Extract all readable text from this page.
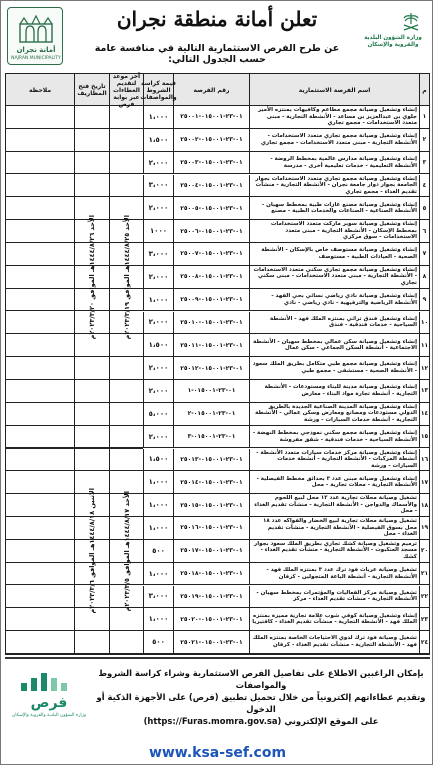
وزارة الشؤون البلدية
والقروية والإسكان
تعلن أمانة منطقة نجران
عن طرح الفرص الاستثمارية التالية في منافسة عامة حسب الجدول التالي:
أمانة نجران
NAJRAN MUNICIPALITY
م
اسم الفرصة الاستثمارية
رقم الفرصة
قيمة كراسة الشروط والمواصفات
آخر موعد لتقديم العطاءات عبر بوابة فرص
تاريخ فتح المظاريف
ملاحظة
١
إنشاء وتشغيل وصيانة مجمع مطاعم وكافيهات بمنتزه الأمير جلوي بن عبدالعزيز بن مساعد - الأنشطة التجارية - مبنى متعدد الاستخدامات - مجمع تجاري
٠١-٢٣-٠١٥٠٠١-٢٥٠٠١
١،٠٠٠
٢
إنشاء وتشغيل وصيانة مجمع تجاري متعدد الاستخدامات - الأنشطة التجارية - مبنى متعدد الاستخدامات - مجمع تجاري
٠١-٢٣-٠١٥٠٠١-٢٥٠٠٢
١،٥٠٠
٣
إنشاء وتشغيل وصيانة مدارس عالمية بمخطط الروضة - الأنشطة التعليمية - خدمات تعليمية أخرى - مدرسة
٠١-٢٣-٠١٥٠٠١-٢٥٠٠٣
٢،٠٠٠
٤
إنشاء وتشغيل وصيانة مجمع تجاري متعدد الاستخدامات بجوار الجامعة بجوار دوار جامعة نجران - الأنشطة التجارية - منشآت تقديم الغذاء - مجمع تجاري
٠١-٢٣-٠١٥٠٠١-٢٥٠٠٤
٣،٠٠٠
٥
إنشاء وتشغيل وصيانة مصنع غازات طبية بمخطط سهيان - الأنشطة الصناعية - الصناعات والخدمات الطبية - مصنع
٠١-٢٣-٠١٥٠٠١-٢٥٠٠٥
٢،٠٠٠
٦
إنشاء وتشغيل وصيانة سوبر ماركت متعدد الاستخدامات بمخطط الإسكان - الأنشطة التجارية - مبنى متعدد الاستخدامات - سوق مركزي
٠١-٢٣-٠١٥٠٠١-٢٥٠٠٦
١٠٠٠
٧
إنشاء وتشغيل وصيانة مستوصف خاص بالإسكان - الأنشطة الصحية - العيادات الطبية - مستوصف
٠١-٢٣-٠١٥٠٠١-٢٥٠٠٧
٣،٠٠٠
٨
إنشاء وتشغيل وصيانة مجمع تجاري سكني متعدد الاستخدامات - الأنشطة التجارية - مبنى متعدد الاستخدامات - مبنى سكني تجاري
٠١-٢٣-٠١٥٠٠١-٢٥٠٠٨
٢،٠٠٠
٩
إنشاء وتشغيل وصيانة نادي رياضي نسائي بحي الفهد - الأنشطة الرياضية والترفيهية - نادي رياضي - نادي
٠١-٢٣-٠١٥٠٠١-٢٥٠٠٩
١،٠٠٠
١٠
إنشاء وتشغيل فندق تراثي بمنتزه الملك فهد - الأنشطة السياحية - خدمات فندقية - فندق
٠١-٢٣-٠١٥٠٠١-٢٥٠١٠
٢،٠٠٠
١١
إنشاء وتشغيل وصيانة سكن عمالي بمخطط سهيان - الأنشطة الاجتماعية - أنشطة السكن الجماعي - سكن عمال
٠١-٢٣-٠١٥٠٠١-٢٥٠١١
١،٥٠٠
١٢
إنشاء وتشغيل وصيانة مجمع طبي متكامل بطريق الملك سعود - الأنشطة الصحية - مستشفى - مجمع طبي
٠١-٢٣-٠١٥٠٠١-٢٥٠١٢
٢،٠٠٠
١٣
إنشاء وتشغيل وصيانة مدينة للبناء ومستودعات - الأنشطة التجارية - أنشطة تجارة مواد البناء - معارض
٠١-٢٣-٠١٥٠٠١-١
٢،٠٠٠
١٤
إنشاء وتشغيل وصيانة المدينة الصناعية الجديدة بالطريق الدولي مستودعات ومصانع ومعارض وسكن عمالي - الأنشطة التجارية - أنشطة خدمات السيارات - ورشة
٠١-٢٣-٠١٥٠٠١-٢
٥،٠٠٠
١٥
إنشاء وتشغيل وصيانة مجمع سكني نموذجي بمخطط النهضة - الأنشطة السياحية - خدمات فندقية - شقق مفروشة
٠١-٢٣-٠١٥٠٠١-٣
٢،٠٠٠
١٦
إنشاء وتشغيل وصيانة مركز خدمات سيارات متعدد الأنشطة - أنشطة المركبات - الأنشطة التجارية - أنشطة خدمات السيارات - ورشة
٠١-٢٣-٠١٥٠٠١-٢٥٠١٣
١،٥٠٠
١٧
إنشاء وتشغيل وصيانة مبنى عدد ٣ بحدائق مخطط الفيصلية - الأنشطة التجارية - محلات تجارية - محل
٠١-٢٣-٠١٥٠٠١-٢٥٠١٤
١،٠٠٠
١٨
تشغيل وصيانة محلات تجارية عدد ١٢ محل لبيع اللحوم والأسماك والدواجن - الأنشطة التجارية - منشآت تقديم الغذاء - محل
٠١-٢٣-٠١٥٠٠١-٢٥٠١٥
١،٠٠٠
١٩
تشغيل وصيانة محلات تجارية لبيع الخضار والفواكه عدد ١٨ محل بسوق الفيصلية - الأنشطة التجارية - منشآت تقديم الغذاء - محل
٠١-٢٣-٠١٥٠٠١-٢٥٠١٦
١،٠٠٠
٢٠
ترميم وتشغيل وصيانة كشك تجاري بطريق الملك سعود بجوار مسجد العنكبوت - الأنشطة التجارية - منشآت تقديم الغذاء - كشك
٠١-٢٣-٠١٥٠٠١-٢٥٠١٧
٥٠٠
٢١
تشغيل وصيانة عربات فود ترك عدد ٣ بمنتزه الملك فهد - الأنشطة التجارية - أنشطة الباعة المتجولين - كرفان
٠١-٢٣-٠١٥٠٠١-٢٥٠١٨
١،٠٠٠
٢٢
تشغيل وصيانة مركز الفعاليات والمؤتمرات بمخطط سهيان - الأنشطة التجارية - منشآت تقديم الغذاء - مركز
٠١-٢٣-٠١٥٠٠١-٢٥٠١٩
٣،٠٠٠
٢٣
إنشاء وتشغيل وصيانة كوفي شوب علامة تجارية مميزة بمنتزه الملك فهد - الأنشطة التجارية - منشآت تقديم الغذاء - كافتيريا
٠١-٢٣-٠١٥٠٠١-٢٥٠٢٠
١،٠٠٠
٢٤
تشغيل وصيانة فود ترك لذوي الاحتياجات الخاصة بمنتزه الملك فهد - الأنشطة التجارية - منشآت تقديم الغذاء - كرفان
٠١-٢٣-٠١٥٠٠١-٢٥٠٢١
٥٠٠
الأحد ١٤٤٤/٨/٢٥هـ الموافق ٢٠٢٣/٣/١٩م
الأحد ١٤٤٤/٨/٢٦هـ الموافق ٢٠٢٣/٣/٢٠م
الأحد ١٤٤٤/٨/١٧هـ الموافق ٢٠٢٣/٣/٥م
الاثنين ١٤٤٤/٨/١٨هـ الموافق ٢٠٢٣/٣/٦م
بإمكان الراغبين الاطلاع على تفاصيل الفرص الاستثمارية وشراء كراسة الشروط والمواصفات
وتقديم عطاءاتهم إلكترونياً من خلال تحميل تطبيق (فرص) على الأجهزة الذكية أو الدخول
على الموقع الإلكتروني (https://Furas.momra.gov.sa)
فرص
وزارة الشؤون البلدية والقروية والإسكان
www.ksa-sef.com
